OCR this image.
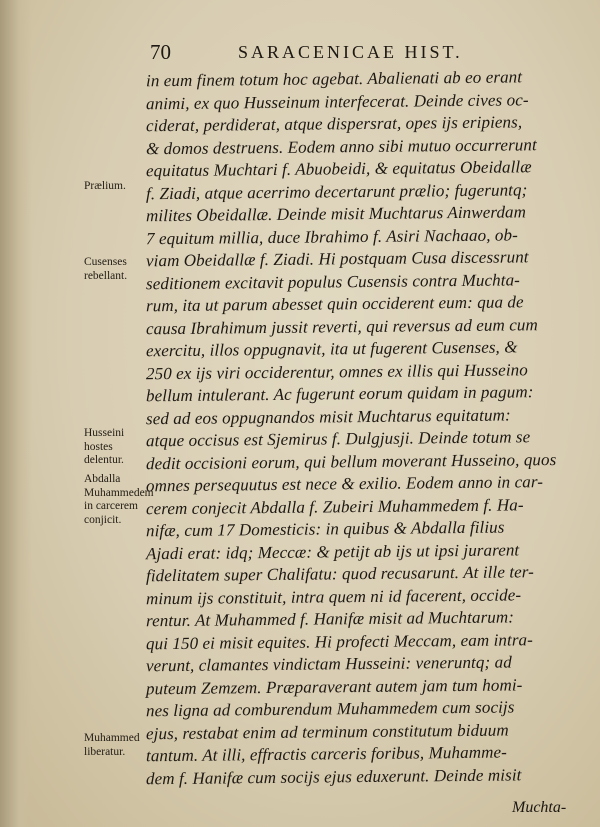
70	SARACENICAE HIST.
in eum finem totum hoc agebat. Abalienati ab eo erant
animi, ex quo Husseinum interfecerat. Deinde cives oc-
ciderat, perdiderat, atque dispersrat, opes ijs eripiens,
& domos destruens. Eodem anno sibi mutuo occurrerunt
equitatus Muchtari f. Abuobeidi, & equitatus Obeidallæ
f. Ziadi, atque acerrimo decertarunt prælio; fugeruntq;
milites Obeidallæ. Deinde misit Muchtarus Ainwerdam
7 equitum millia, duce Ibrahimo f. Asiri Nachaao, ob-
viam Obeidallæ f. Ziadi. Hi postquam Cusa discessrunt
seditionem excitavit populus Cusensis contra Muchta-
rum, ita ut parum abesset quin occiderent eum: qua de
causa Ibrahimum jussit reverti, qui reversus ad eum cum
exercitu, illos oppugnavit, ita ut fugerent Cusenses, &
250 ex ijs viri occiderentur, omnes ex illis qui Husseino
bellum intulerant. Ac fugerunt eorum quidam in pagum:
sed ad eos oppugnandos misit Muchtarus equitatum:
atque occisus est Sjemirus f. Dulgjusji. Deinde totum se
dedit occisioni eorum, qui bellum moverant Husseino, quos
omnes persequutus est nece & exilio. Eodem anno in car-
cerem conjecit Abdalla f. Zubeiri Muhammedem f. Ha-
nifæ, cum 17 Domesticis: in quibus & Abdalla filius
Ajadi erat: idq; Meccæ: & petijt ab ijs ut ipsi jurarent
fidelitatem super Chalifatu: quod recusarunt. At ille ter-
minum ijs constituit, intra quem ni id facerent, occide-
rentur. At Muhammed f. Hanifæ misit ad Muchtarum:
qui 150 ei misit equites. Hi profecti Meccam, eam intra-
verunt, clamantes vindictam Husseini: veneruntq; ad
puteum Zemzem. Præparaverant autem jam tum homi-
nes ligna ad comburendum Muhammedem cum socijs
ejus, restabat enim ad terminum constitutum biduum
tantum. At illi, effractis carceris foribus, Muhamme-
dem f. Hanifæ cum socijs ejus eduxerunt. Deinde misit
Prælium.
Cusenses rebellant.
Husseini hostes delentur.
Abdalla Muhammedem in carcerem conjicit.
Muhammed liberatur.
Muchta-
